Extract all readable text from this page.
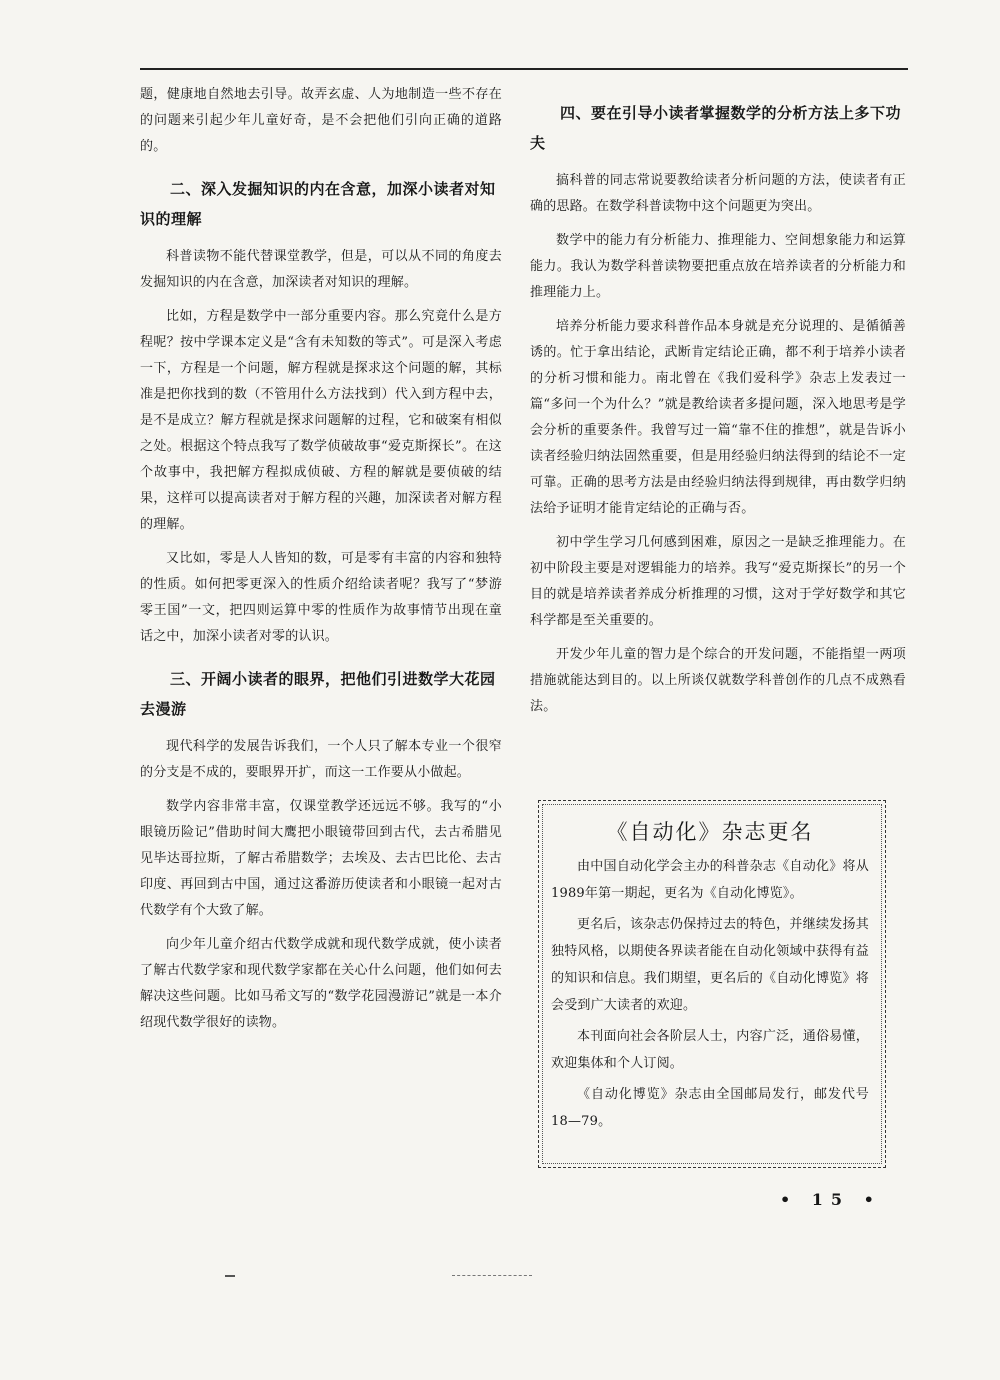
题，健康地自然地去引导。故弄玄虚、人为地制造一些不存在的问题来引起少年儿童好奇，是不会把他们引向正确的道路的。

二、深入发掘知识的内在含意，加深小读者对知识的理解

科普读物不能代替课堂教学，但是，可以从不同的角度去发掘知识的内在含意，加深读者对知识的理解。

比如，方程是数学中一部分重要内容。那么究竟什么是方程呢？按中学课本定义是“含有未知数的等式”。可是深入考虑一下，方程是一个问题，解方程就是探求这个问题的解，其标准是把你找到的数（不管用什么方法找到）代入到方程中去，是不是成立？解方程就是探求问题解的过程，它和破案有相似之处。根据这个特点我写了数学侦破故事“爱克斯探长”。在这个故事中，我把解方程拟成侦破、方程的解就是要侦破的结果，这样可以提高读者对于解方程的兴趣，加深读者对解方程的理解。

又比如，零是人人皆知的数，可是零有丰富的内容和独特的性质。如何把零更深入的性质介绍给读者呢？我写了“梦游零王国”一文，把四则运算中零的性质作为故事情节出现在童话之中，加深小读者对零的认识。

三、开阔小读者的眼界，把他们引进数学大花园去漫游

现代科学的发展告诉我们，一个人只了解本专业一个很窄的分支是不成的，要眼界开扩，而这一工作要从小做起。

数学内容非常丰富，仅课堂教学还远远不够。我写的“小眼镜历险记”借助时间大鹰把小眼镜带回到古代，去古希腊见见毕达哥拉斯，了解古希腊数学；去埃及、去古巴比伦、去古印度、再回到古中国，通过这番游历使读者和小眼镜一起对古代数学有个大致了解。

向少年儿童介绍古代数学成就和现代数学成就，使小读者了解古代数学家和现代数学家都在关心什么问题，他们如何去解决这些问题。比如马希文写的“数学花园漫游记”就是一本介绍现代数学很好的读物。

四、要在引导小读者掌握数学的分析方法上多下功夫

搞科普的同志常说要教给读者分析问题的方法，使读者有正确的思路。在数学科普读物中这个问题更为突出。

数学中的能力有分析能力、推理能力、空间想象能力和运算能力。我认为数学科普读物要把重点放在培养读者的分析能力和推理能力上。

培养分析能力要求科普作品本身就是充分说理的、是循循善诱的。忙于拿出结论，武断肯定结论正确，都不利于培养小读者的分析习惯和能力。南北曾在《我们爱科学》杂志上发表过一篇“多问一个为什么？”就是教给读者多提问题，深入地思考是学会分析的重要条件。我曾写过一篇“靠不住的推想”，就是告诉小读者经验归纳法固然重要，但是用经验归纳法得到的结论不一定可靠。正确的思考方法是由经验归纳法得到规律，再由数学归纳法给予证明才能肯定结论的正确与否。

初中学生学习几何感到困难，原因之一是缺乏推理能力。在初中阶段主要是对逻辑能力的培养。我写“爱克斯探长”的另一个目的就是培养读者养成分析推理的习惯，这对于学好数学和其它科学都是至关重要的。

开发少年儿童的智力是个综合的开发问题，不能指望一两项措施就能达到目的。以上所谈仅就数学科普创作的几点不成熟看法。

《自动化》杂志更名

由中国自动化学会主办的科普杂志《自动化》将从1989年第一期起，更名为《自动化博览》。

更名后，该杂志仍保持过去的特色，并继续发扬其独特风格，以期使各界读者能在自动化领域中获得有益的知识和信息。我们期望，更名后的《自动化博览》将会受到广大读者的欢迎。

本刊面向社会各阶层人士，内容广泛，通俗易懂，欢迎集体和个人订阅。

《自动化博览》杂志由全国邮局发行，邮发代号 18—79。

• 15 •
